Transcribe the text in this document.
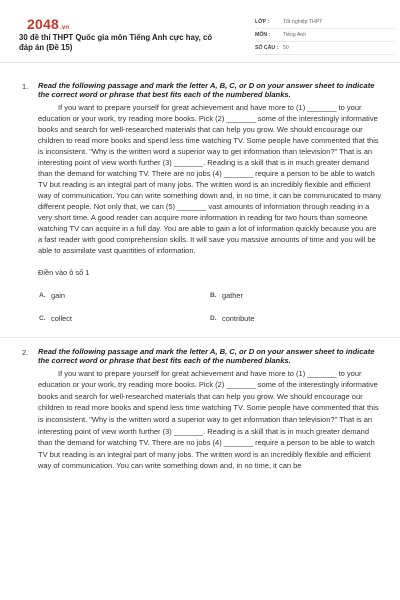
2048.vn
30 đề thi THPT Quốc gia môn Tiếng Anh cực hay, có đáp án (Đề 15)
LỚP :	Tốt nghiệp THPT
MÔN :	Tiếng Anh
SỐ CÂU : 50
1. Read the following passage and mark the letter A, B, C, or D on your answer sheet to indicate the correct word or phrase that best fits each of the numbered blanks.
If you want to prepare yourself for great achievement and have more to (1) _______ to your education or your work, try reading more books. Pick (2) _______ some of the interestingly informative books and search for well-researched materials that can help you grow. We should encourage our children to read more books and spend less time watching TV. Some people have commented that this is inconsistent. "Why is the written word a superior way to get information than television?" That is an interesting point of view worth further (3) _______. Reading is a skill that is in much greater demand than the demand for watching TV. There are no jobs (4) _______ require a person to be able to watch TV but reading is an integral part of many jobs. The written word is an incredibly flexible and efficient way of communication. You can write something down and, in no time, it can be communicated to many different people. Not only that, we can (5) _______ vast amounts of information through reading in a very short time. A good reader can acquire more information in reading for two hours than someone watching TV can acquire in a full day. You are able to gain a lot of information quickly because you are a fast reader with good comprehension skills. It will save you massive amounts of time and you will be able to assimilate vast quantities of information.
Điền vào ô số 1
A. gain	B. gather
C. collect	D. contribute
2. Read the following passage and mark the letter A, B, C, or D on your answer sheet to indicate the correct word or phrase that best fits each of the numbered blanks.
If you want to prepare yourself for great achievement and have more to (1) _______ to your education or your work, try reading more books. Pick (2) _______ some of the interestingly informative books and search for well-researched materials that can help you grow. We should encourage our children to read more books and spend less time watching TV. Some people have commented that this is inconsistent. "Why is the written word a superior way to get information than television?" That is an interesting point of view worth further (3) _______. Reading is a skill that is in much greater demand than the demand for watching TV. There are no jobs (4) _______ require a person to be able to watch TV but reading is an integral part of many jobs. The written word is an incredibly flexible and efficient way of communication. You can write something down and, in no time, it can be
